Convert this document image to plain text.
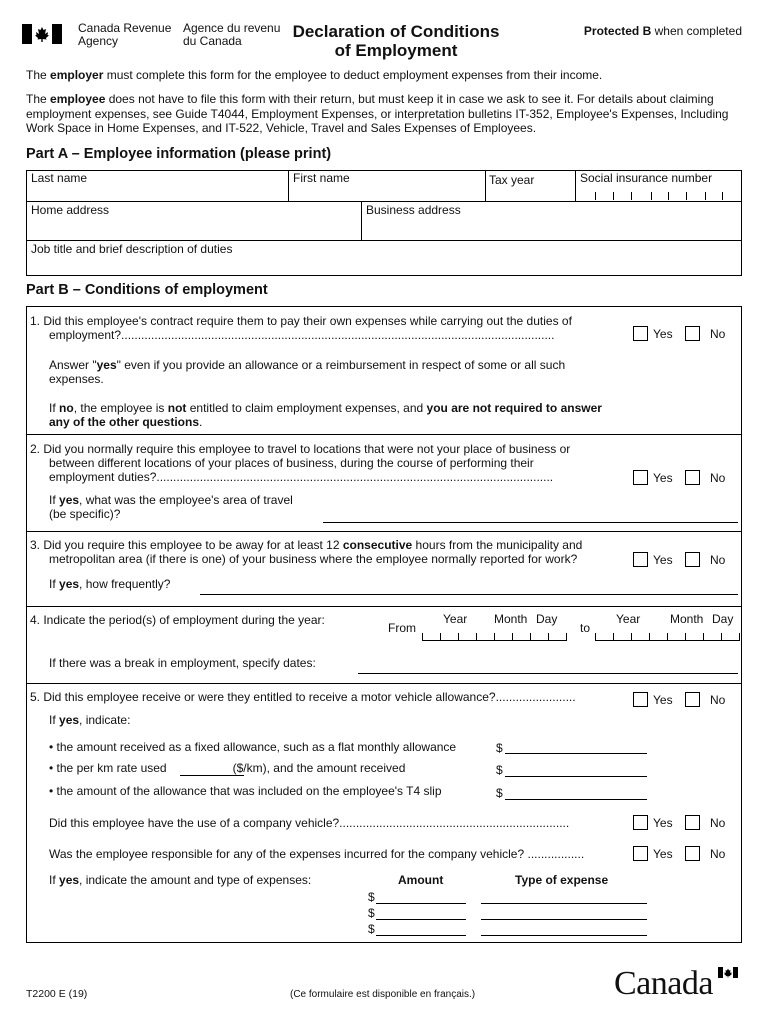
Canada Revenue
Agency
Agence du revenu
du Canada	Declaration of Conditions
of Employment
Protected B when completed
The employer must complete this form for the employee to deduct employment expenses from their income.
The employee does not have to file this form with their return, but must keep it in case we ask to see it. For details about claiming employment expenses, see Guide T4044, Employment Expenses, or interpretation bulletins IT-352, Employee's Expenses, Including Work Space in Home Expenses, and IT-522, Vehicle, Travel and Sales Expenses of Employees.
Part A – Employee information (please print)
Last name	First name	Tax year	Social insurance number
Home address	Business address
Job title and brief description of duties
Part B – Conditions of employment
1. Did this employee's contract require them to pay their own expenses while carrying out the duties of
employment?..................................................................................................................................	Yes	No
Answer "yes" even if you provide an allowance or a reimbursement in respect of some or all such expenses.
If no, the employee is not entitled to claim employment expenses, and you are not required to answer any of the other questions.
2. Did you normally require this employee to travel to locations that were not your place of business or
between different locations of your places of business, during the course of performing their
employment duties?.......................................................................................................................	Yes	No
If yes, what was the employee's area of travel
(be specific)?
3. Did you require this employee to be away for at least 12 consecutive hours from the municipality and
metropolitan area (if there is one) of your business where the employee normally reported for work?	Yes	No
If yes, how frequently?
4. Indicate the period(s) of employment during the year:
From
Year Month Day
to
Year Month Day
If there was a break in employment, specify dates:
5. Did this employee receive or were they entitled to receive a motor vehicle allowance?........................	Yes	No
If yes, indicate:
• the amount received as a fixed allowance, such as a flat monthly allowance	$
• the per km rate used	($/km), and the amount received	$
• the amount of the allowance that was included on the employee's T4 slip	$
Did this employee have the use of a company vehicle?.....................................................................	Yes	No
Was the employee responsible for any of the expenses incurred for the company vehicle? .................	Yes	No
If yes, indicate the amount and type of expenses:	Amount	Type of expense
$
$
$
T2200 E (19)	(Ce formulaire est disponible en français.)	Canada
